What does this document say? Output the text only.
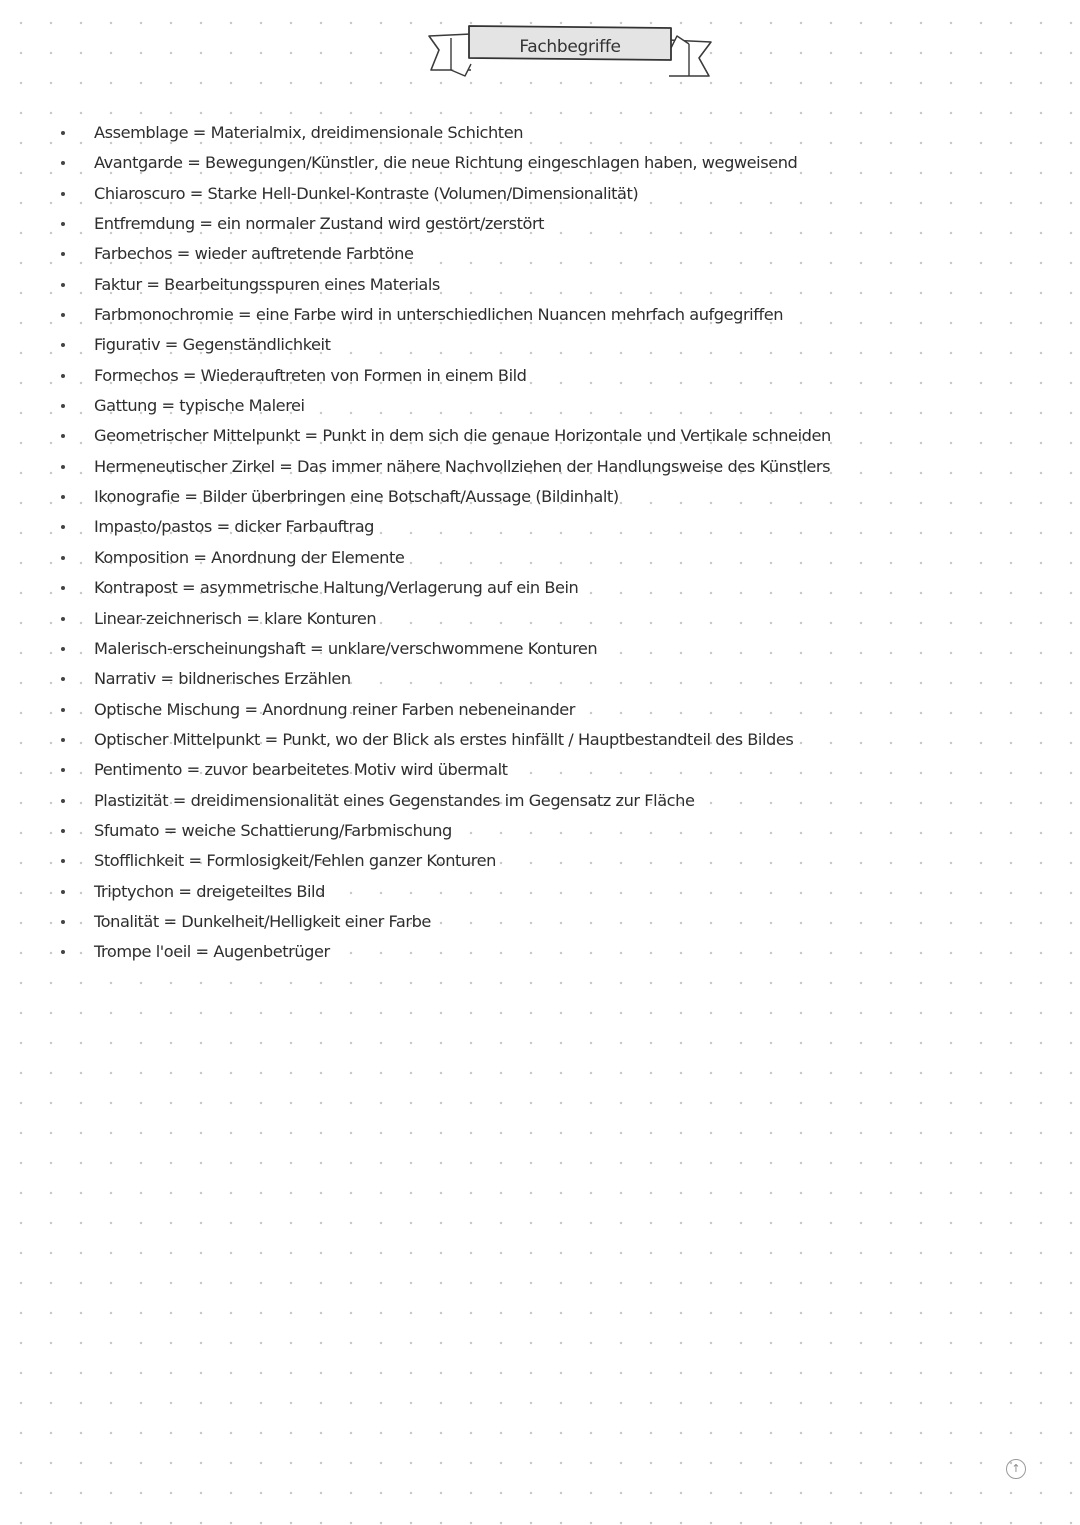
Fachbegriffe
Assemblage = Materialmix, dreidimensionale Schichten
Avantgarde = Bewegungen/Künstler, die neue Richtung eingeschlagen haben, wegweisend
Chiaroscuro = Starke Hell-Dunkel-Kontraste (Volumen/Dimensionalität)
Entfremdung = ein normaler Zustand wird gestört/zerstört
Farbechos = wieder auftretende Farbtöne
Faktur = Bearbeitungsspuren eines Materials
Farbmonochromie = eine Farbe wird in unterschiedlichen Nuancen mehrfach aufgegriffen
Figurativ = Gegenständlichkeit
Formechos = Wiederauftreten von Formen in einem Bild
Gattung = typische Malerei
Geometrischer Mittelpunkt = Punkt in dem sich die genaue Horizontale und Vertikale schneiden
Hermeneutischer Zirkel = Das immer nähere Nachvollziehen der Handlungsweise des Künstlers
Ikonografie = Bilder überbringen eine Botschaft/Aussage (Bildinhalt)
Impasto/pastos = dicker Farbauftrag
Komposition = Anordnung der Elemente
Kontrapost = asymmetrische Haltung/Verlagerung auf ein Bein
Linear-zeichnerisch = klare Konturen
Malerisch-erscheinungshaft = unklare/verschwommene Konturen
Narrativ = bildnerisches Erzählen
Optische Mischung = Anordnung reiner Farben nebeneinander
Optischer Mittelpunkt = Punkt, wo der Blick als erstes hinfällt / Hauptbestandteil des Bildes
Pentimento = zuvor bearbeitetes Motiv wird übermalt
Plastizität = dreidimensionalität eines Gegenstandes im Gegensatz zur Fläche
Sfumato = weiche Schattierung/Farbmischung
Stofflichkeit = Formlosigkeit/Fehlen ganzer Konturen
Triptychon = dreigeteiltes Bild
Tonalität = Dunkelheit/Helligkeit einer Farbe
Trompe l'oeil = Augenbetrüger
↑
